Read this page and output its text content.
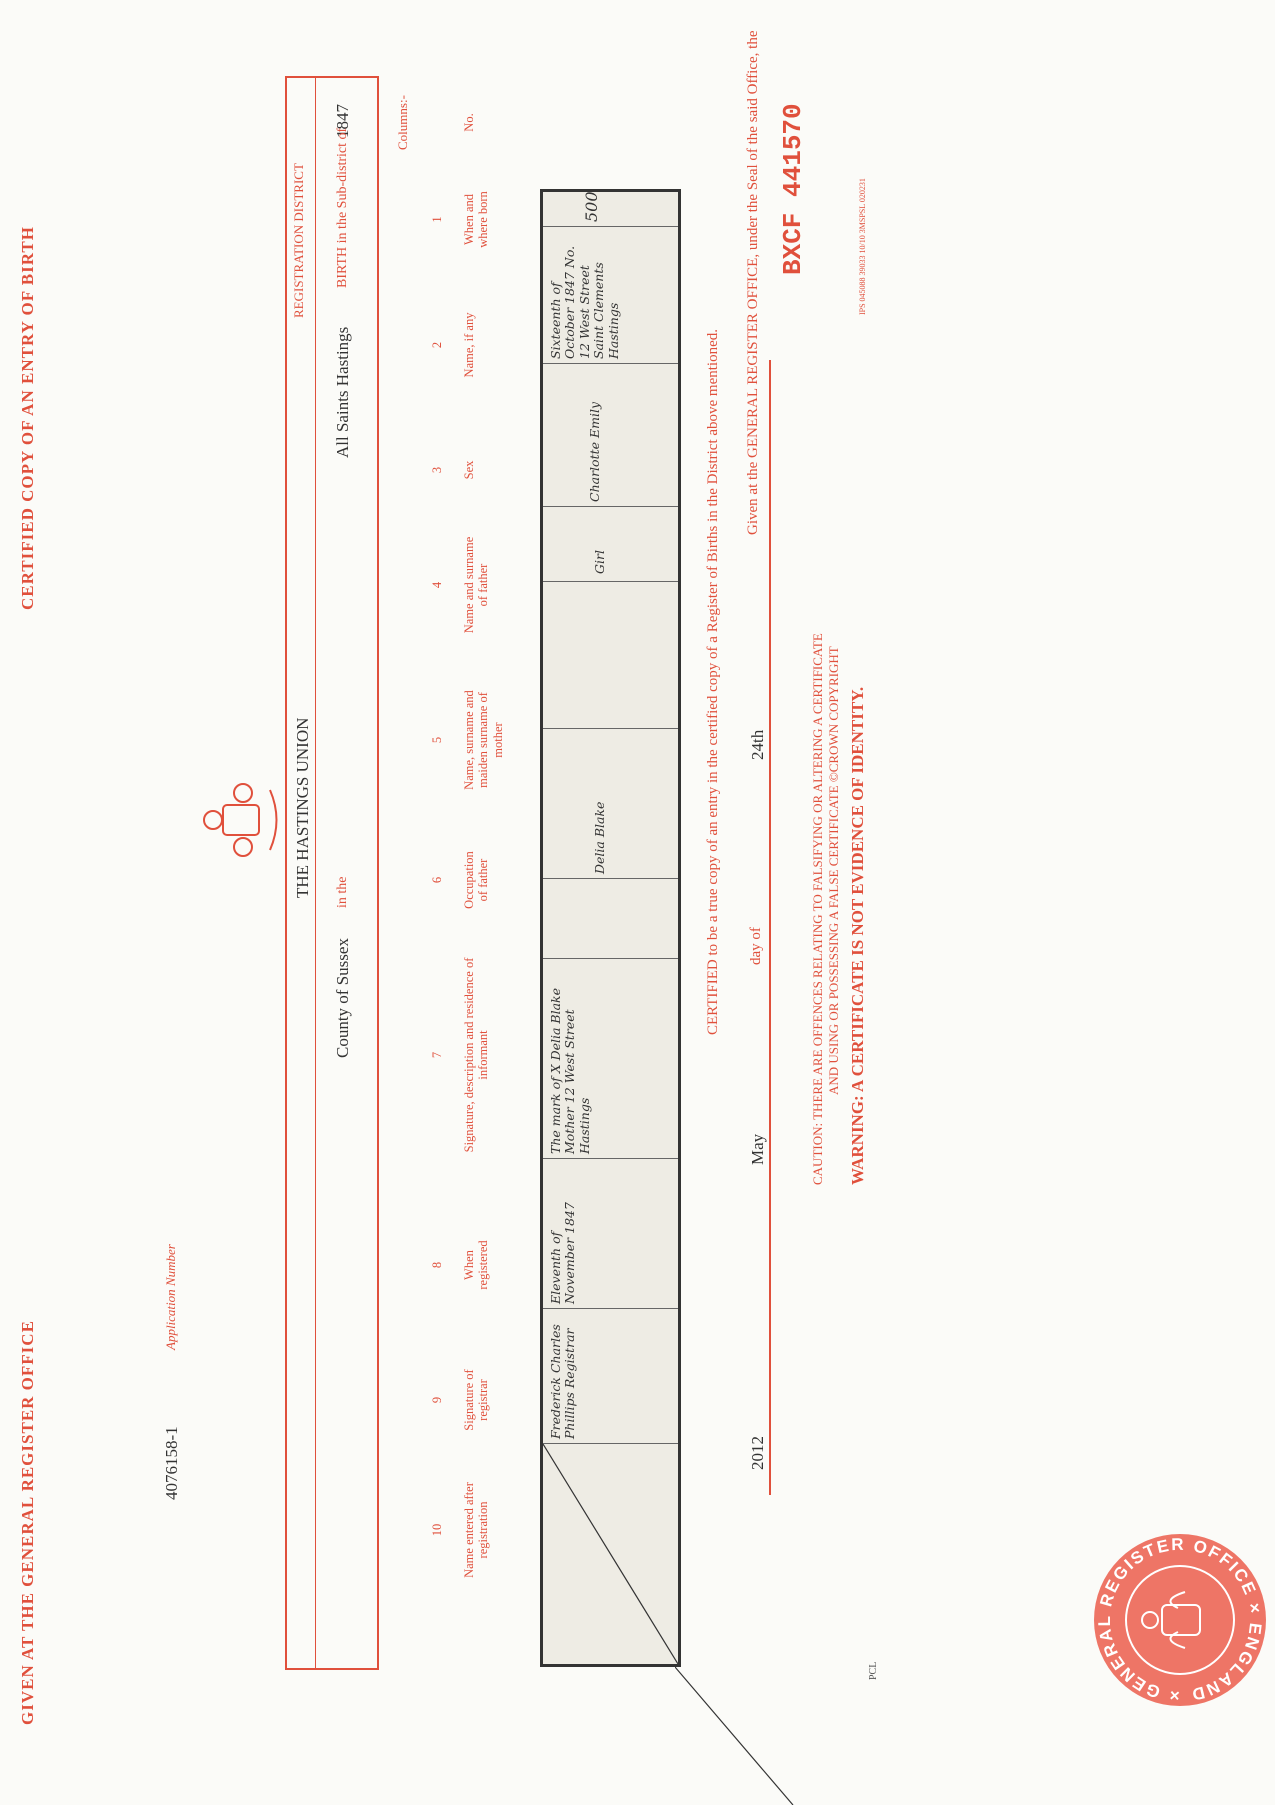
CERTIFIED COPY OF AN ENTRY OF BIRTH
GIVEN AT THE GENERAL REGISTER OFFICE
Application Number
4076158-1
REGISTRATION DISTRICT
THE HASTINGS UNION
1847
BIRTH in the Sub-district of
All Saints Hastings
in the
County of Sussex
Columns:-	No.
1 When and where born
2 Name, if any
3 Sex
4 Name and surname of father
5 Name, surname and maiden surname of mother
6 Occupation of father
7 Signature, description and residence of informant
8 When registered
9 Signature of registrar
10 Name entered after registration
500
Sixteenth of October 1847 No. 12 West Street Saint Clements Hastings
Charlotte Emily
Girl
Delia Blake
The mark of X Delia Blake Mother 12 West Street Hastings
Eleventh of November 1847
Frederick Charles Phillips Registrar
CERTIFIED to be a true copy of an entry in the certified copy of a Register of Births in the District above mentioned.
Given at the GENERAL REGISTER OFFICE, under the Seal of the said Office, the
24th
day of
May
2012
BXCF 441570
CAUTION: THERE ARE OFFENCES RELATING TO FALSIFYING OR ALTERING A CERTIFICATE AND USING OR POSSESSING A FALSE CERTIFICATE ©CROWN COPYRIGHT WARNING: A CERTIFICATE IS NOT EVIDENCE OF IDENTITY.
IPS 045088 39033 10/10 3MSPSL 020231
PCL
× GENERAL REGISTER OFFICE × ENGLAND
